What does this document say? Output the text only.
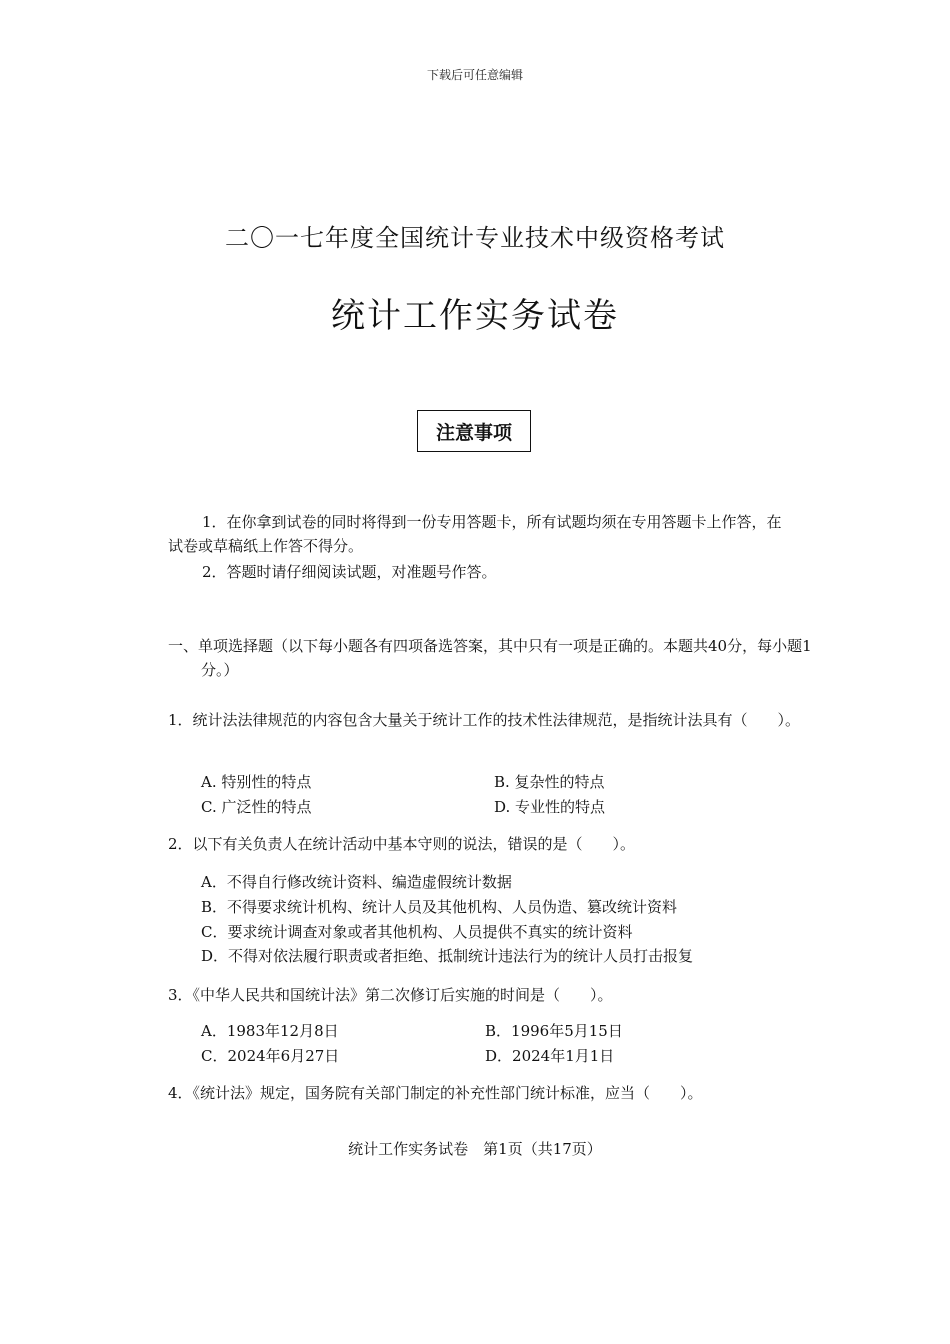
下载后可任意编辑
二〇一七年度全国统计专业技术中级资格考试
统计工作实务试卷
注意事项
1．在你拿到试卷的同时将得到一份专用答题卡，所有试题均须在专用答题卡上作答，在试卷或草稿纸上作答不得分。
2．答题时请仔细阅读试题，对准题号作答。
一、单项选择题（以下每小题各有四项备选答案，其中只有一项是正确的。本题共40分，每小题1分。）
1．统计法法律规范的内容包含大量关于统计工作的技术性法律规范，是指统计法具有（　　）。
A. 特别性的特点	B. 复杂性的特点
C. 广泛性的特点	D. 专业性的特点
2．以下有关负责人在统计活动中基本守则的说法，错误的是（　　）。
A．不得自行修改统计资料、编造虚假统计数据
B．不得要求统计机构、统计人员及其他机构、人员伪造、篡改统计资料
C．要求统计调查对象或者其他机构、人员提供不真实的统计资料
D．不得对依法履行职责或者拒绝、抵制统计违法行为的统计人员打击报复
3．《中华人民共和国统计法》第二次修订后实施的时间是（　　）。
A．1983年12月8日	B．1996年5月15日
C．2024年6月27日	D．2024年1月1日
4．《统计法》规定，国务院有关部门制定的补充性部门统计标准，应当（　　）。
统计工作实务试卷　第1页（共17页）
